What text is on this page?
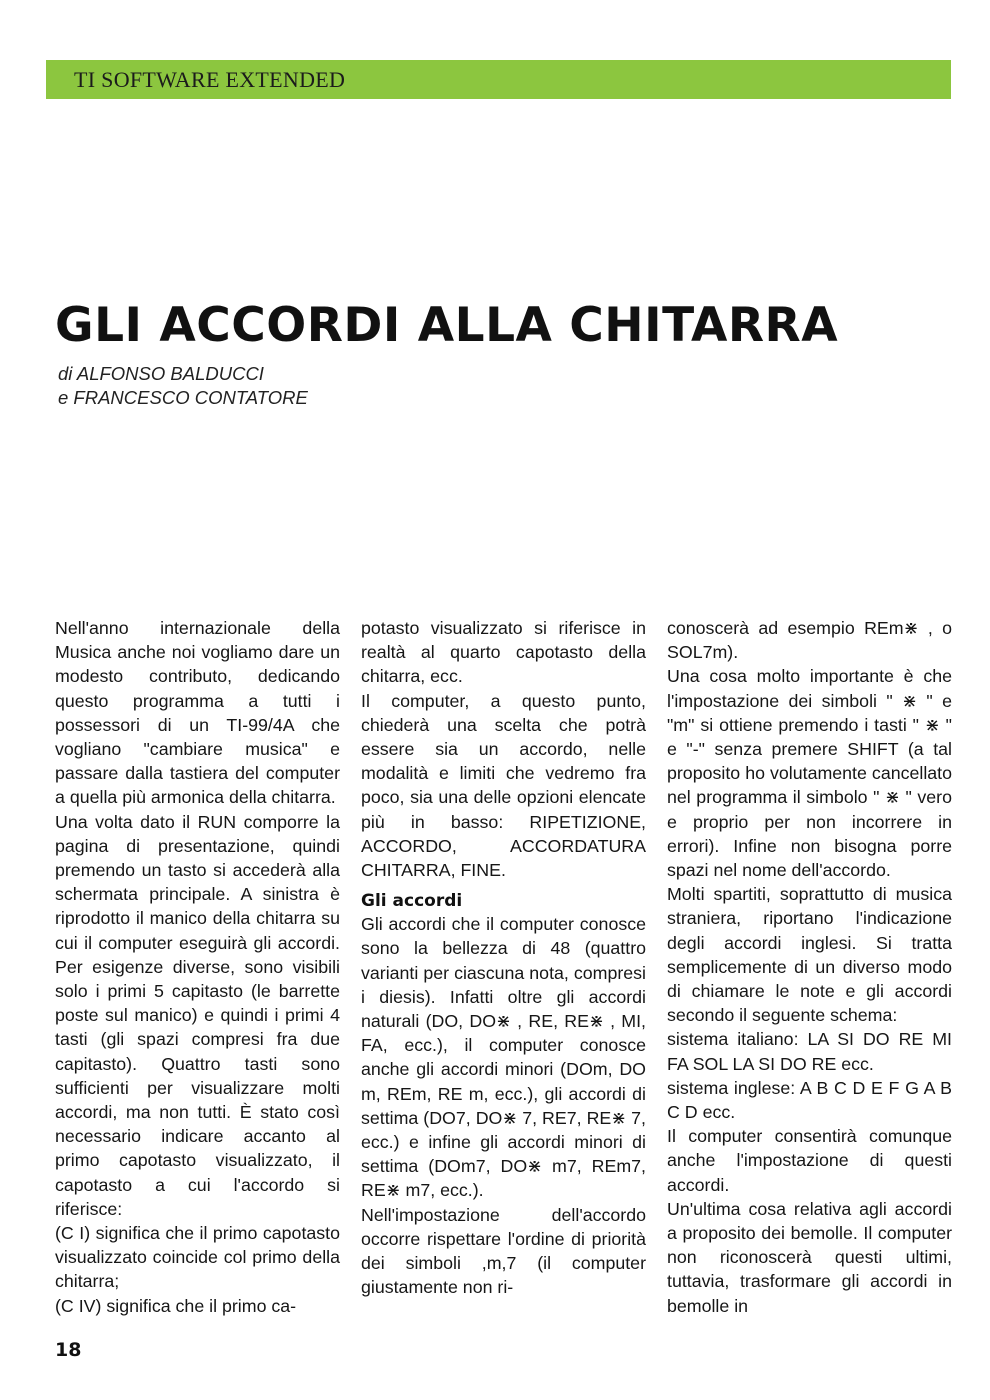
TI SOFTWARE EXTENDED
GLI ACCORDI ALLA CHITARRA
di ALFONSO BALDUCCI
e FRANCESCO CONTATORE

Nell'anno internazionale della Musica anche noi vogliamo dare un modesto contributo, dedicando questo programma a tutti i possessori di un TI-99/4A che vogliano "cambiare musica" e passare dalla tastiera del computer a quella più armonica della chitarra.

Una volta dato il RUN comporre la pagina di presentazione, quindi premendo un tasto si accederà alla schermata principale. A sinistra è riprodotto il manico della chitarra su cui il computer eseguirà gli accordi. Per esigenze diverse, sono visibili solo i primi 5 capitasto (le barrette poste sul manico) e quindi i primi 4 tasti (gli spazi compresi fra due capitasto). Quattro tasti sono sufficienti per visualizzare molti accordi, ma non tutti. È stato così necessario indicare accanto al primo capotasto visualizzato, il capotasto a cui l'accordo si riferisce:

(C I) significa che il primo capotasto visualizzato coincide col primo della chitarra;

(C IV) significa che il primo ca-

potasto visualizzato si riferisce in realtà al quarto capotasto della chitarra, ecc.

Il computer, a questo punto, chiederà una scelta che potrà essere sia un accordo, nelle modalità e limiti che vedremo fra poco, sia una delle opzioni elencate più in basso: RIPETIZIONE, ACCORDO, ACCORDATURA CHITARRA, FINE.

Gli accordi

Gli accordi che il computer conosce sono la bellezza di 48 (quattro varianti per ciascuna nota, compresi i diesis). Infatti oltre gli accordi naturali (DO, DO⋇ , RE, RE⋇ , MI, FA, ecc.), il computer conosce anche gli accordi minori (DOm, DO m, REm, RE m, ecc.), gli accordi di settima (DO7, DO⋇ 7, RE7, RE⋇ 7, ecc.) e infine gli accordi minori di settima (DOm7, DO⋇ m7, REm7, RE⋇ m7, ecc.).

Nell'impostazione dell'accordo occorre rispettare l'ordine di priorità dei simboli ,m,7 (il computer giustamente non ri-

conoscerà ad esempio REm⋇ , o SOL7m).

Una cosa molto importante è che l'impostazione dei simboli " ⋇ " e "m" si ottiene premendo i tasti " ⋇ " e "-" senza premere SHIFT (a tal proposito ho volutamente cancellato nel programma il simbolo " ⋇ " vero e proprio per non incorrere in errori). Infine non bisogna porre spazi nel nome dell'accordo.

Molti spartiti, soprattutto di musica straniera, riportano l'indicazione degli accordi inglesi. Si tratta semplicemente di un diverso modo di chiamare le note e gli accordi secondo il seguente schema:

sistema italiano: LA SI DO RE MI FA SOL LA SI DO RE ecc.

sistema inglese: A B C D E F G A B C D ecc.

Il computer consentirà comunque anche l'impostazione di questi accordi.

Un'ultima cosa relativa agli accordi a proposito dei bemolle. Il computer non riconoscerà questi ultimi, tuttavia, trasformare gli accordi in bemolle in

18
